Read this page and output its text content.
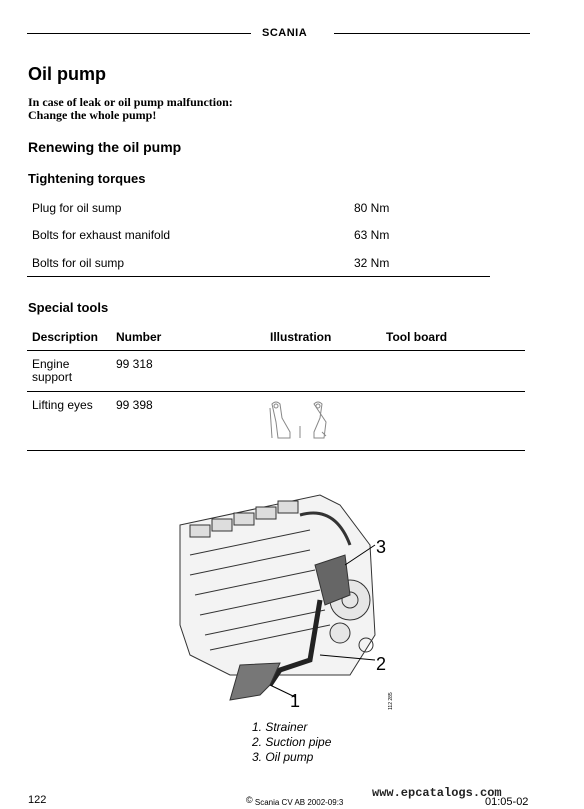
SCANIA
Oil pump
In case of leak or oil pump malfunction:
Change the whole pump!
Renewing the oil pump
Tightening torques
Plug for oil sump	80 Nm
Bolts for exhaust manifold	63 Nm
Bolts for oil sump	32 Nm
Special tools
Description Number	Illustration	Tool board
Engine
support
99 318
Lifting eyes 99 398
3
2
1	112 285
1. Strainer
2. Suction pipe
3. Oil pump
122	© Scania CV AB 2002-09:3
www.epcatalogs.com
01:05-02
